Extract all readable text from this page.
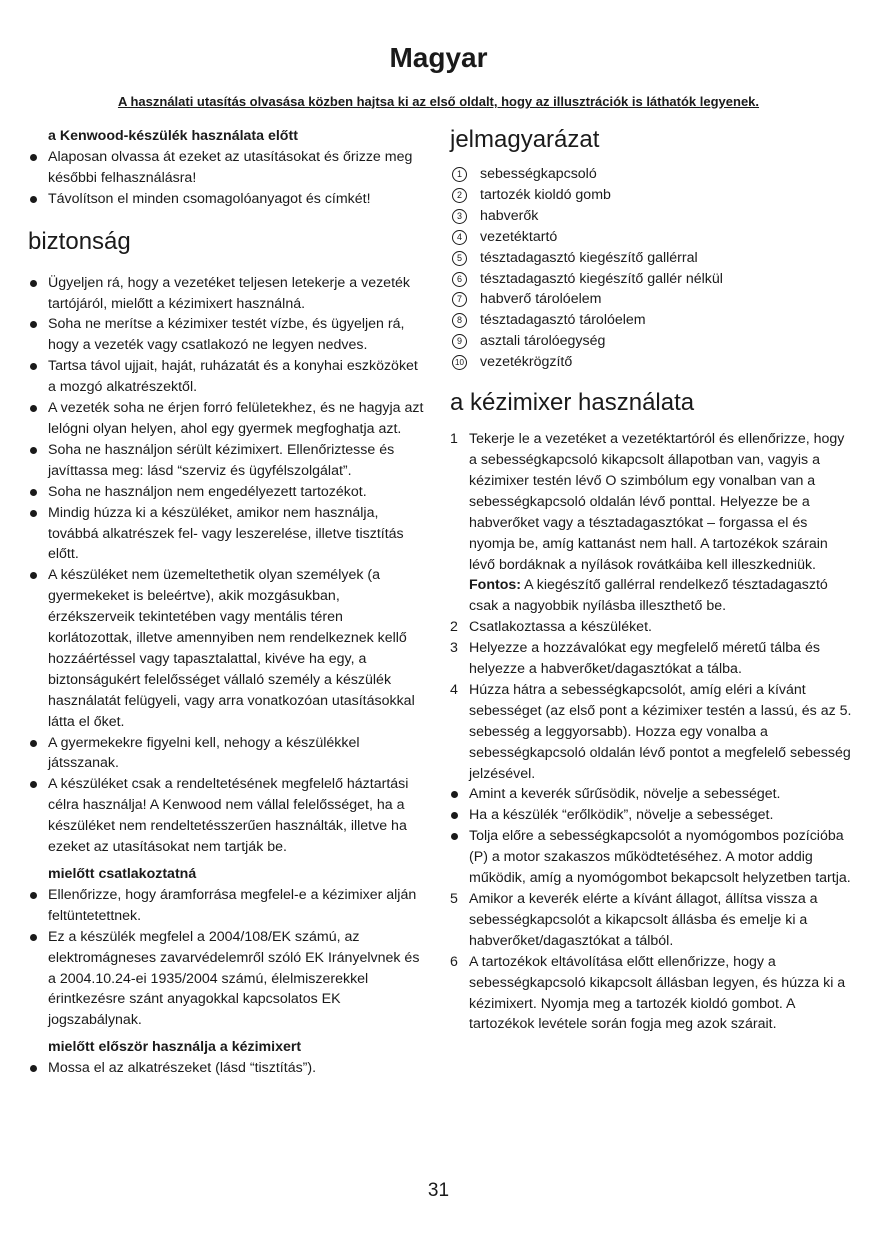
Magyar
A használati utasítás olvasása közben hajtsa ki az első oldalt, hogy az illusztrációk is láthatók legyenek.
a Kenwood-készülék használata előtt
Alaposan olvassa át ezeket az utasításokat és őrizze meg későbbi felhasználásra!
Távolítson el minden csomagolóanyagot és címkét!
biztonság
Ügyeljen rá, hogy a vezetéket teljesen letekerje a vezeték tartójáról, mielőtt a kézimixert használná.
Soha ne merítse a kézimixer testét vízbe, és ügyeljen rá, hogy a vezeték vagy csatlakozó ne legyen nedves.
Tartsa távol ujjait, haját, ruházatát és a konyhai eszközöket a mozgó alkatrészektől.
A vezeték soha ne érjen forró felületekhez, és ne hagyja azt lelógni olyan helyen, ahol egy gyermek megfoghatja azt.
Soha ne használjon sérült kézimixert. Ellenőriztesse és javíttassa meg: lásd “szerviz és ügyfélszolgálat”.
Soha ne használjon nem engedélyezett tartozékot.
Mindig húzza ki a készüléket, amikor nem használja, továbbá alkatrészek fel- vagy leszerelése, illetve tisztítás előtt.
A készüléket nem üzemeltethetik olyan személyek (a gyermekeket is beleértve), akik mozgásukban, érzékszerveik tekintetében vagy mentális téren korlátozottak, illetve amennyiben nem rendelkeznek kellő hozzáértéssel vagy tapasztalattal, kivéve ha egy, a biztonságukért felelősséget vállaló személy a készülék használatát felügyeli, vagy arra vonatkozóan utasításokkal látta el őket.
A gyermekekre figyelni kell, nehogy a készülékkel játsszanak.
A készüléket csak a rendeltetésének megfelelő háztartási célra használja! A Kenwood nem vállal felelősséget, ha a készüléket nem rendeltetésszerűen használták, illetve ha ezeket az utasításokat nem tartják be.
mielőtt csatlakoztatná
Ellenőrizze, hogy áramforrása megfelel-e a kézimixer alján feltüntetettnek.
Ez a készülék megfelel a 2004/108/EK számú, az elektromágneses zavarvédelemről szóló EK Irányelvnek és a 2004.10.24-ei 1935/2004 számú, élelmiszerekkel érintkezésre szánt anyagokkal kapcsolatos EK jogszabálynak.
mielőtt először használja a kézimixert
Mossa el az alkatrészeket (lásd “tisztítás”).
jelmagyarázat
1	sebességkapcsoló
2	tartozék kioldó gomb
3	habverők
4	vezetéktartó
5	tésztadagasztó kiegészítő gallérral
6	tésztadagasztó kiegészítő gallér nélkül
7	habverő tárolóelem
8	tésztadagasztó tárolóelem
9	asztali tárolóegység
10 vezetékrögzítő
a kézimixer használata
1 Tekerje le a vezetéket a vezetéktartóról és ellenőrizze, hogy a sebességkapcsoló kikapcsolt állapotban van, vagyis a kézimixer testén lévő O szimbólum egy vonalban van a sebességkapcsoló oldalán lévő ponttal. Helyezze be a habverőket vagy a tésztadagasztókat – forgassa el és nyomja be, amíg kattanást nem hall. A tartozékok szárain lévő bordáknak a nyílások rovátkáiba kell illeszkedniük.
Fontos: A kiegészítő gallérral rendelkező tésztadagasztó csak a nagyobbik nyílásba illeszthető be.
2 Csatlakoztassa a készüléket.
3 Helyezze a hozzávalókat egy megfelelő méretű tálba és helyezze a habverőket/dagasztókat a tálba.
4 Húzza hátra a sebességkapcsolót, amíg eléri a kívánt sebességet (az első pont a kézimixer testén a lassú, és az 5. sebesség a leggyorsabb). Hozza egy vonalba a sebességkapcsoló oldalán lévő pontot a megfelelő sebesség jelzésével.
Amint a keverék sűrűsödik, növelje a sebességet.
Ha a készülék “erőlködik”, növelje a sebességet.
Tolja előre a sebességkapcsolót a nyomógombos pozícióba (P) a motor szakaszos működtetéséhez. A motor addig működik, amíg a nyomógombot bekapcsolt helyzetben tartja.
5 Amikor a keverék elérte a kívánt állagot, állítsa vissza a sebességkapcsolót a kikapcsolt állásba és emelje ki a habverőket/dagasztókat a tálból.
6 A tartozékok eltávolítása előtt ellenőrizze, hogy a sebességkapcsoló kikapcsolt állásban legyen, és húzza ki a kézimixert. Nyomja meg a tartozék kioldó gombot. A tartozékok levétele során fogja meg azok szárait.
31
